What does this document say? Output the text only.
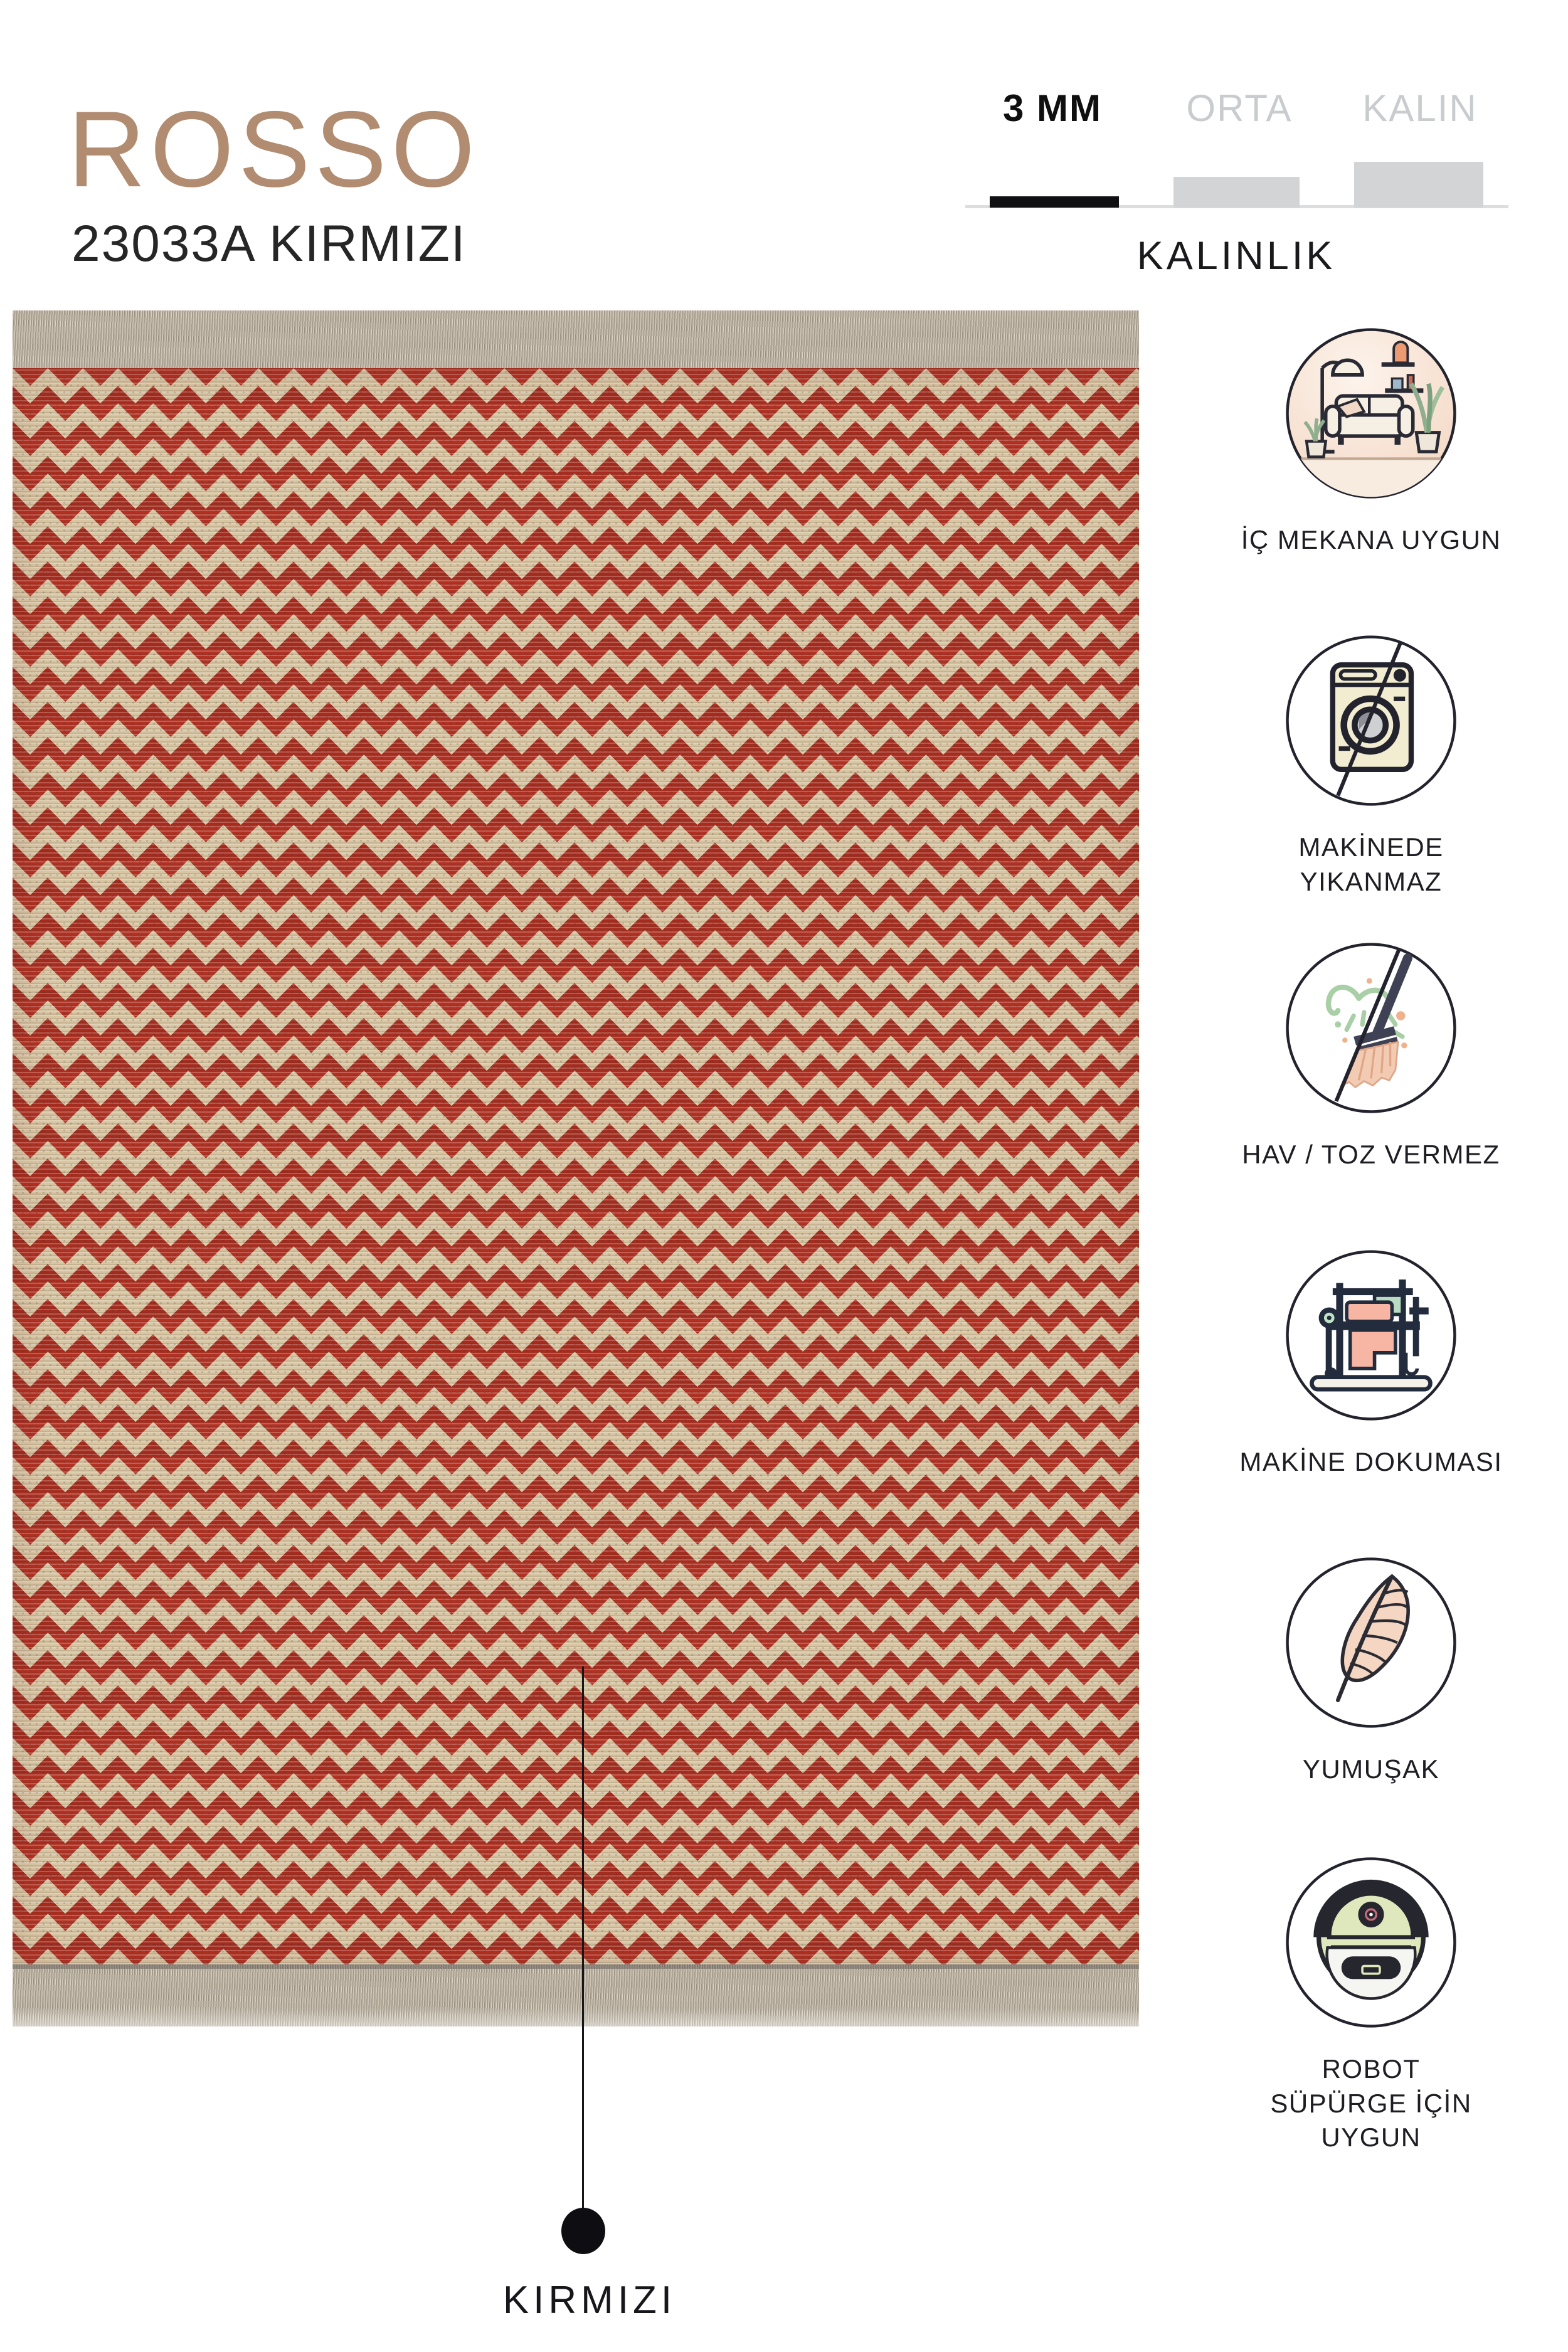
ROSSO
23033A KIRMIZI
3 MM ORTA KALIN
KALINLIK
KIRMIZI
İÇ MEKANA UYGUN
MAKİNEDE YIKANMAZ
HAV / TOZ VERMEZ
MAKİNE DOKUMASI
YUMUŞAK
ROBOT SÜPÜRGE İÇİN UYGUN
